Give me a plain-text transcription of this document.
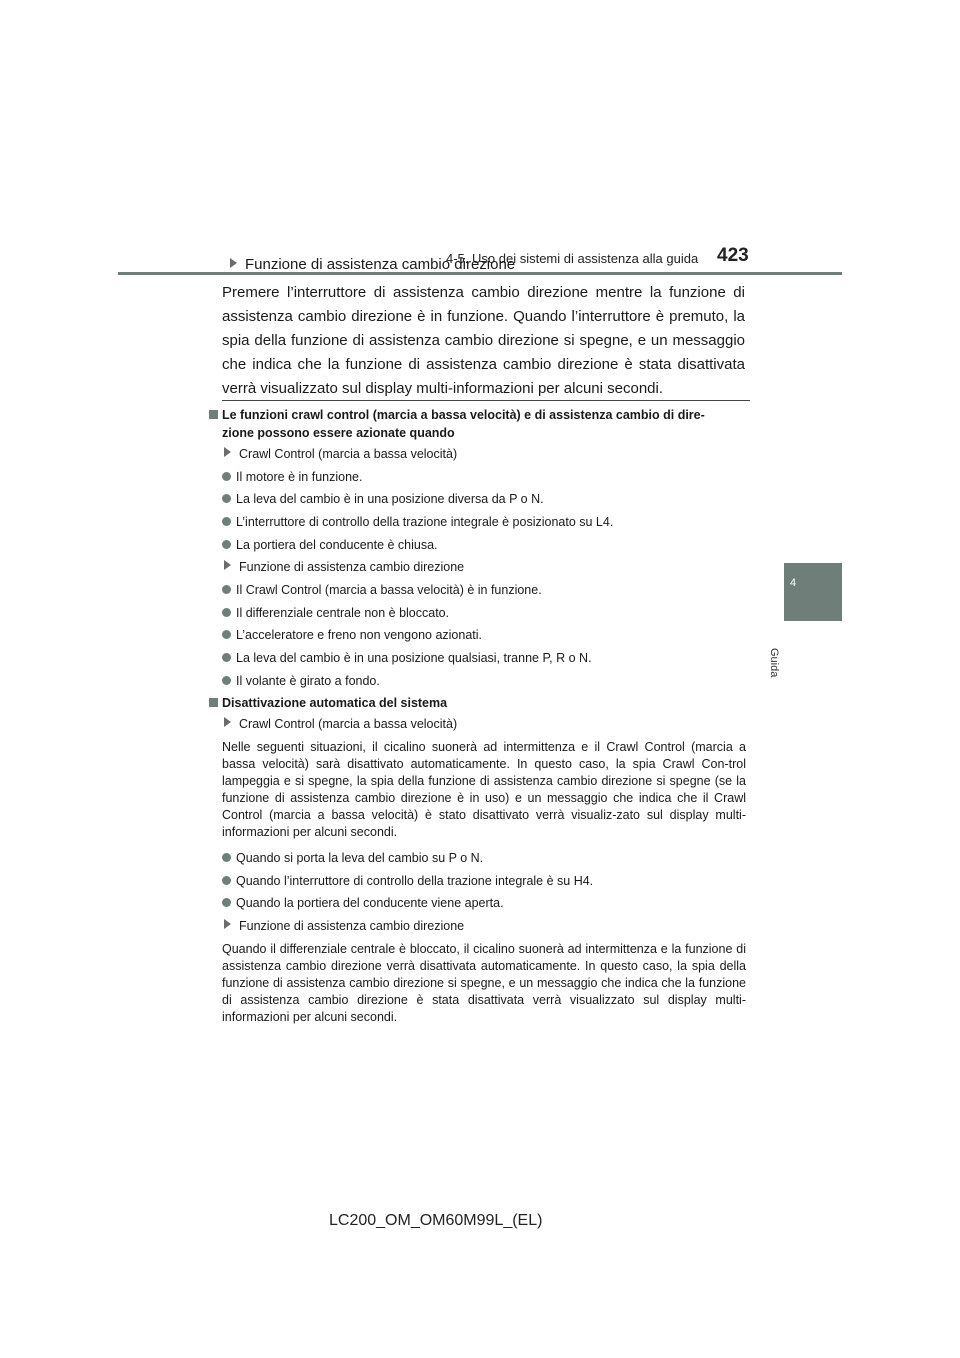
4-5. Uso dei sistemi di assistenza alla guida 423
4
Guida
Funzione di assistenza cambio direzione
Premere l’interruttore di assistenza cambio direzione mentre la funzione di assistenza cambio direzione è in funzione. Quando l’interruttore è premuto, la spia della funzione di assistenza cambio direzione si spegne, e un messaggio che indica che la funzione di assistenza cambio direzione è stata disattivata verrà visualizzato sul display multi-informazioni per alcuni secondi.
Le funzioni crawl control (marcia a bassa velocità) e di assistenza cambio di dire-
zione possono essere azionate quando
Crawl Control (marcia a bassa velocità)
Il motore è in funzione.
La leva del cambio è in una posizione diversa da P o N.
L’interruttore di controllo della trazione integrale è posizionato su L4.
La portiera del conducente è chiusa.
Funzione di assistenza cambio direzione
Il Crawl Control (marcia a bassa velocità) è in funzione.
Il differenziale centrale non è bloccato.
L’acceleratore e freno non vengono azionati.
La leva del cambio è in una posizione qualsiasi, tranne P, R o N.
Il volante è girato a fondo.
Disattivazione automatica del sistema
Crawl Control (marcia a bassa velocità)
Nelle seguenti situazioni, il cicalino suonerà ad intermittenza e il Crawl Control (marcia a bassa velocità) sarà disattivato automaticamente. In questo caso, la spia Crawl Con-trol lampeggia e si spegne, la spia della funzione di assistenza cambio direzione si spegne (se la funzione di assistenza cambio direzione è in uso) e un messaggio che indica che il Crawl Control (marcia a bassa velocità) è stato disattivato verrà visualiz-zato sul display multi-informazioni per alcuni secondi.
Quando si porta la leva del cambio su P o N.
Quando l’interruttore di controllo della trazione integrale è su H4.
Quando la portiera del conducente viene aperta.
Funzione di assistenza cambio direzione
Quando il differenziale centrale è bloccato, il cicalino suonerà ad intermittenza e la funzione di assistenza cambio direzione verrà disattivata automaticamente. In questo caso, la spia della funzione di assistenza cambio direzione si spegne, e un messaggio che indica che la funzione di assistenza cambio direzione è stata disattivata verrà visualizzato sul display multi-informazioni per alcuni secondi.
LC200_OM_OM60M99L_(EL)
